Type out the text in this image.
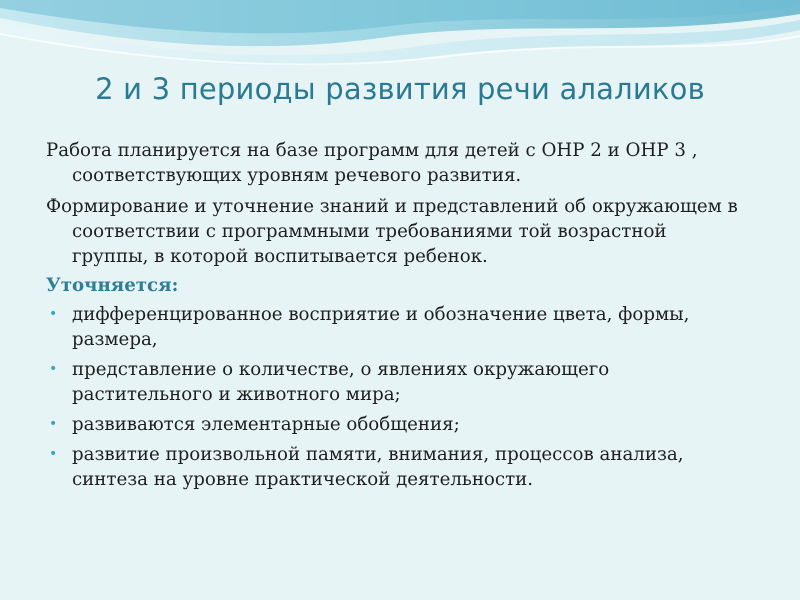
2 и 3 периоды развития речи алаликов

Работа планируется на базе программ для детей с ОНР 2 и ОНР 3 , соответствующих уровням речевого развития.

Формирование и уточнение знаний и представлений об окружающем в соответствии с программными требованиями той возрастной группы, в которой воспитывается ребенок.

Уточняется:
• дифференцированное восприятие и обозначение цвета, формы, размера,
• представление о количестве, о явлениях окружающего растительного и животного мира;
• развиваются элементарные обобщения;
• развитие произвольной памяти, внимания, процессов анализа, синтеза на уровне практической деятельности.
